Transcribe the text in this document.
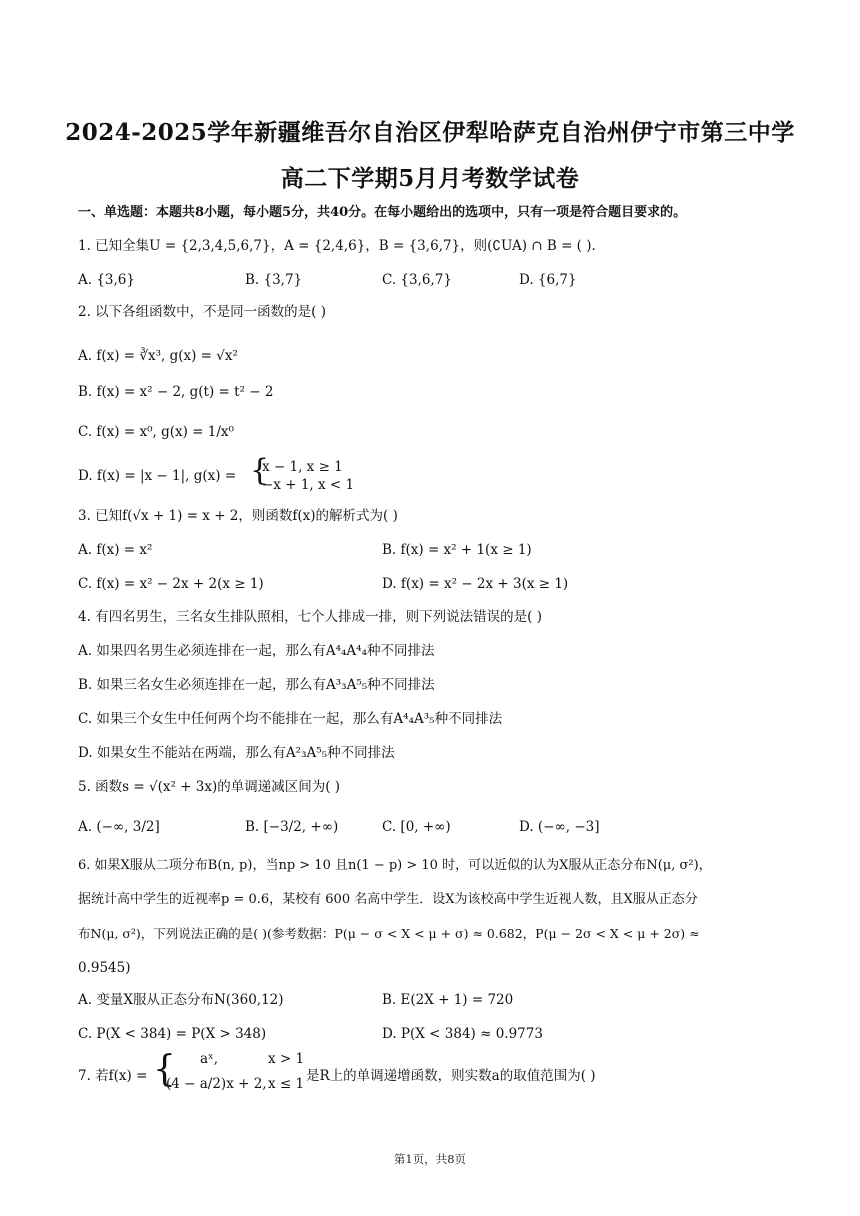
2024-2025学年新疆维吾尔自治区伊犁哈萨克自治州伊宁市第三中学
高二下学期5月月考数学试卷
一、单选题：本题共8小题，每小题5分，共40分。在每小题给出的选项中，只有一项是符合题目要求的。
1. 已知全集U = {2,3,4,5,6,7}，A = {2,4,6}，B = {3,6,7}，则(∁UA) ∩ B = ( ).
A. {3,6}	B. {3,7}	C. {3,6,7}	D. {6,7}
2. 以下各组函数中，不是同一函数的是( )
A. f(x) = ∛x³, g(x) = √x²
B. f(x) = x² − 2, g(t) = t² − 2
C. f(x) = x⁰, g(x) = 1/x⁰
D. f(x) = |x − 1|, g(x) = {
x − 1, x ≥ 1
−x + 1, x < 1
3. 已知f(√x + 1) = x + 2，则函数f(x)的解析式为( )
A. f(x) = x²	B. f(x) = x² + 1(x ≥ 1)
C. f(x) = x² − 2x + 2(x ≥ 1)	D. f(x) = x² − 2x + 3(x ≥ 1)
4. 有四名男生，三名女生排队照相，七个人排成一排，则下列说法错误的是( )
A. 如果四名男生必须连排在一起，那么有A⁴₄A⁴₄种不同排法
B. 如果三名女生必须连排在一起，那么有A³₃A⁵₅种不同排法
C. 如果三个女生中任何两个均不能排在一起，那么有A⁴₄A³₅种不同排法
D. 如果女生不能站在两端，那么有A²₃A⁵₅种不同排法
5. 函数s = √(x² + 3x)的单调递减区间为( )
A. (−∞, 3/2]	B. [−3/2, +∞)	C. [0, +∞)	D. (−∞, −3]
6. 如果X服从二项分布B(n, p)，当np > 10 且n(1 − p) > 10 时，可以近似的认为X服从正态分布N(μ, σ²)，
据统计高中学生的近视率p = 0.6，某校有 600 名高中学生．设X为该校高中学生近视人数，且X服从正态分
布N(μ, σ²)，下列说法正确的是( )(参考数据：P(μ − σ < X < μ + σ) ≈ 0.682，P(μ − 2σ < X < μ + 2σ) ≈
0.9545)
A. 变量X服从正态分布N(360,12)	B. E(2X + 1) = 720
C. P(X < 384) = P(X > 348)	D. P(X < 384) ≈ 0.9773
7. 若f(x) = { aˣ,	x > 1
(4 − a/2)x + 2, x ≤ 1 是R上的单调递增函数，则实数a的取值范围为( )
第1页，共8页
